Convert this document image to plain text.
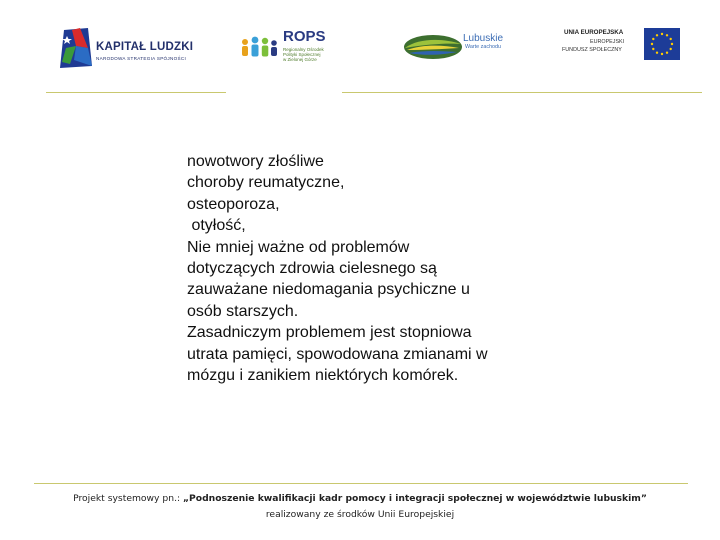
KAPITAŁ LUDZKI
NARODOWA STRATEGIA SPÓJNOŚCI
ROPS
Regionalny Ośrodek Polityki Społecznej w Zielonej Górze
Lubuskie
Warte zachodu
UNIA EUROPEJSKA
EUROPEJSKI
FUNDUSZ SPOŁECZNY
nowotwory złośliwe
choroby reumatyczne,
osteoporoza,
otyłość,
Nie mniej ważne od problemów
dotyczących zdrowia cielesnego są
zauważane niedomagania psychiczne u
osób starszych.
Zasadniczym problemem jest stopniowa
utrata pamięci, spowodowana zmianami w
mózgu i zanikiem niektórych komórek.
Projekt systemowy pn.: „Podnoszenie kwalifikacji kadr pomocy i integracji społecznej w województwie lubuskim”
realizowany ze środków Unii Europejskiej
